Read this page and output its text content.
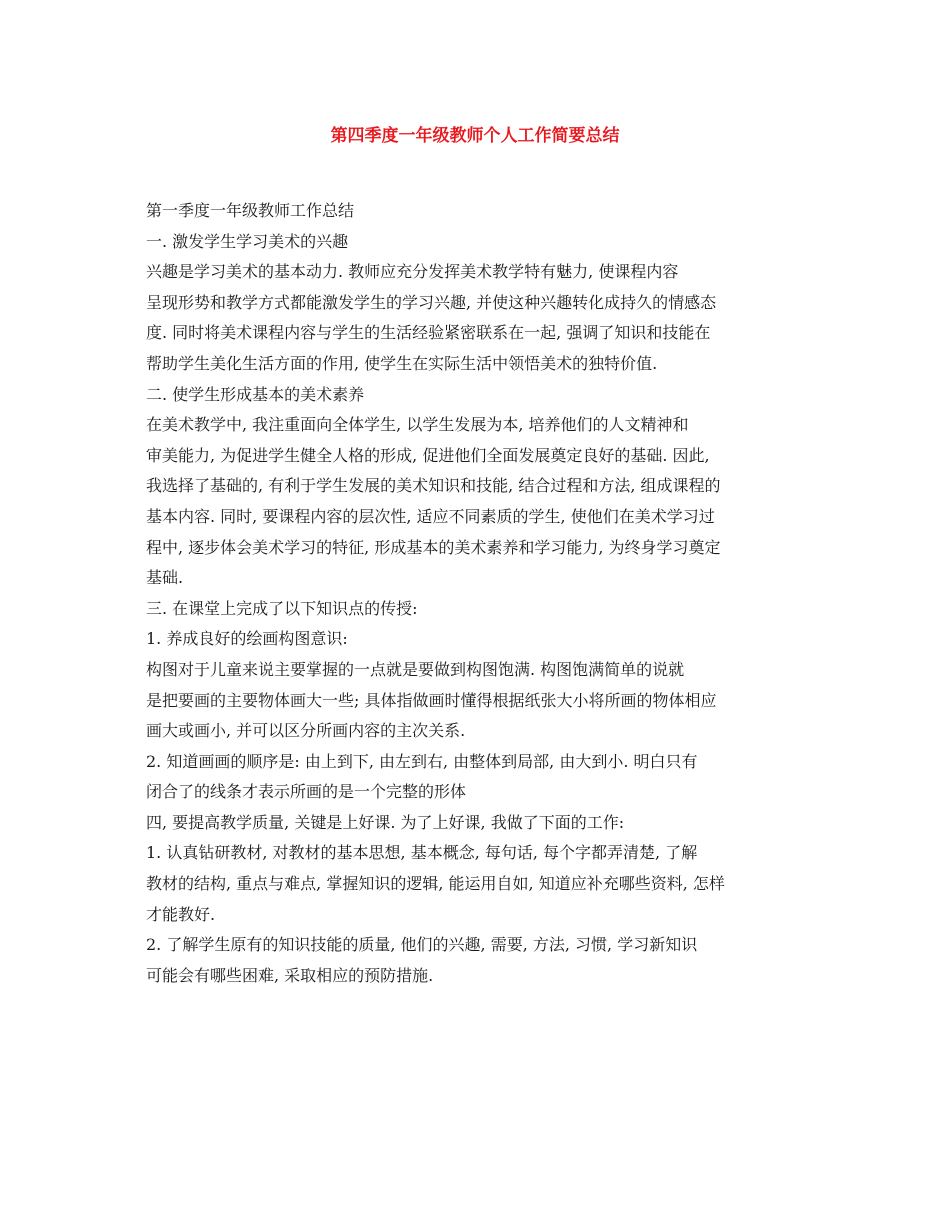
第四季度一年级教师个人工作简要总结

第一季度一年级教师工作总结

一. 激发学生学习美术的兴趣

兴趣是学习美术的基本动力. 教师应充分发挥美术教学特有魅力, 使课程内容
呈现形势和教学方式都能激发学生的学习兴趣, 并使这种兴趣转化成持久的情感态
度. 同时将美术课程内容与学生的生活经验紧密联系在一起, 强调了知识和技能在
帮助学生美化生活方面的作用, 使学生在实际生活中领悟美术的独特价值.

二. 使学生形成基本的美术素养

在美术教学中, 我注重面向全体学生, 以学生发展为本, 培养他们的人文精神和
审美能力, 为促进学生健全人格的形成, 促进他们全面发展奠定良好的基础. 因此,
我选择了基础的, 有利于学生发展的美术知识和技能, 结合过程和方法, 组成课程的
基本内容. 同时, 要课程内容的层次性, 适应不同素质的学生, 使他们在美术学习过
程中, 逐步体会美术学习的特征, 形成基本的美术素养和学习能力, 为终身学习奠定
基础.

三. 在课堂上完成了以下知识点的传授:

1. 养成良好的绘画构图意识:

构图对于儿童来说主要掌握的一点就是要做到构图饱满. 构图饱满简单的说就
是把要画的主要物体画大一些; 具体指做画时懂得根据纸张大小将所画的物体相应
画大或画小, 并可以区分所画内容的主次关系.

2. 知道画画的顺序是: 由上到下, 由左到右, 由整体到局部, 由大到小. 明白只有
闭合了的线条才表示所画的是一个完整的形体

四, 要提高教学质量, 关键是上好课. 为了上好课, 我做了下面的工作:

1. 认真钻研教材, 对教材的基本思想, 基本概念, 每句话, 每个字都弄清楚, 了解
教材的结构, 重点与难点, 掌握知识的逻辑, 能运用自如, 知道应补充哪些资料, 怎样
才能教好.

2. 了解学生原有的知识技能的质量, 他们的兴趣, 需要, 方法, 习惯, 学习新知识
可能会有哪些困难, 采取相应的预防措施.
